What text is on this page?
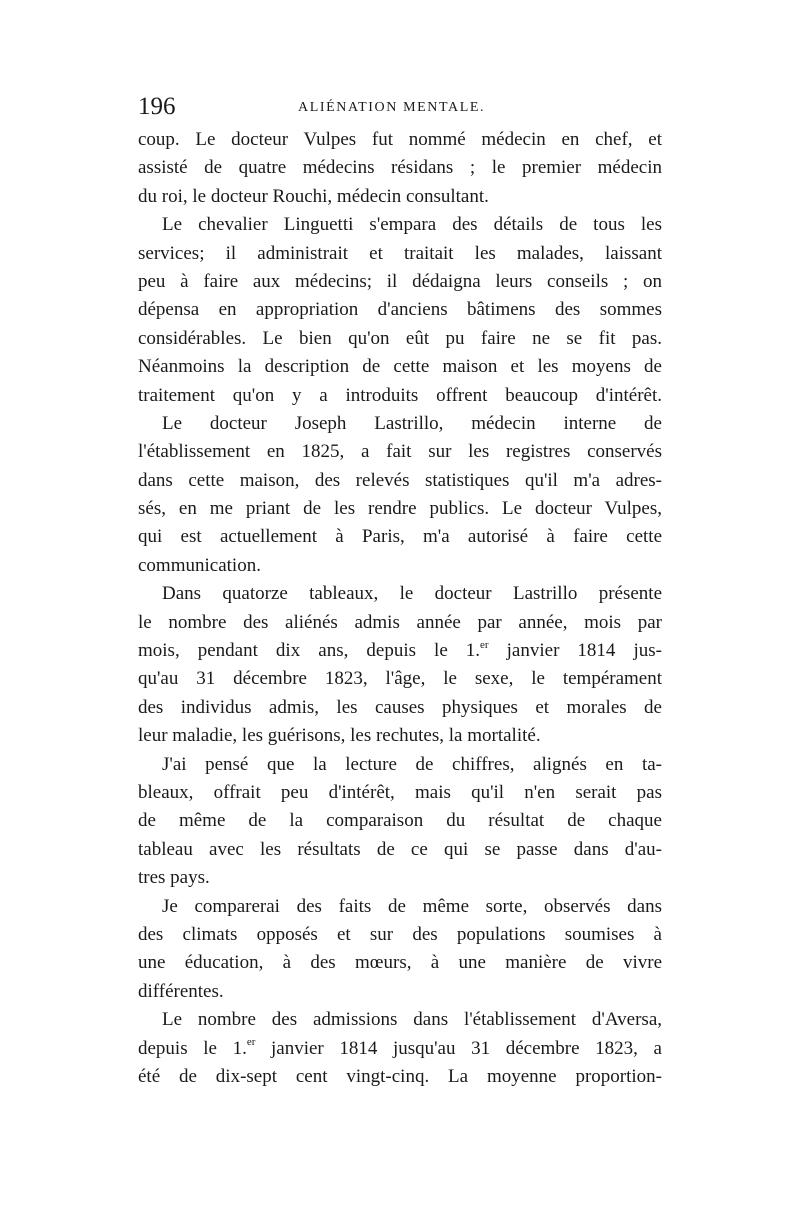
196	ALIÉNATION MENTALE.
coup. Le docteur Vulpes fut nommé médecin en chef, et
assisté de quatre médecins résidans ; le premier médecin
du roi, le docteur Rouchi, médecin consultant.
Le chevalier Linguetti s'empara des détails de tous les
services; il administrait et traitait les malades, laissant
peu à faire aux médecins; il dédaigna leurs conseils ; on
dépensa en appropriation d'anciens bâtimens des sommes
considérables. Le bien qu'on eût pu faire ne se fit pas.
Néanmoins la description de cette maison et les moyens de
traitement qu'on y a introduits offrent beaucoup d'intérêt.
Le docteur Joseph Lastrillo, médecin interne de
l'établissement en 1825, a fait sur les registres conservés
dans cette maison, des relevés statistiques qu'il m'a adres-
sés, en me priant de les rendre publics. Le docteur Vulpes,
qui est actuellement à Paris, m'a autorisé à faire cette
communication.
Dans quatorze tableaux, le docteur Lastrillo présente
le nombre des aliénés admis année par année, mois par
mois, pendant dix ans, depuis le 1.$^{er}$ janvier 1814 jus-
qu'au 31 décembre 1823, l'âge, le sexe, le tempérament
des individus admis, les causes physiques et morales de
leur maladie, les guérisons, les rechutes, la mortalité.
J'ai pensé que la lecture de chiffres, alignés en ta-
bleaux, offrait peu d'intérêt, mais qu'il n'en serait pas
de même de la comparaison du résultat de chaque
tableau avec les résultats de ce qui se passe dans d'au-
tres pays.
Je comparerai des faits de même sorte, observés dans
des climats opposés et sur des populations soumises à
une éducation, à des mœurs, à une manière de vivre
différentes.
Le nombre des admissions dans l'établissement d'Aversa,
depuis le 1.$^{er}$ janvier 1814 jusqu'au 31 décembre 1823, a
été de dix-sept cent vingt-cinq. La moyenne proportion-
